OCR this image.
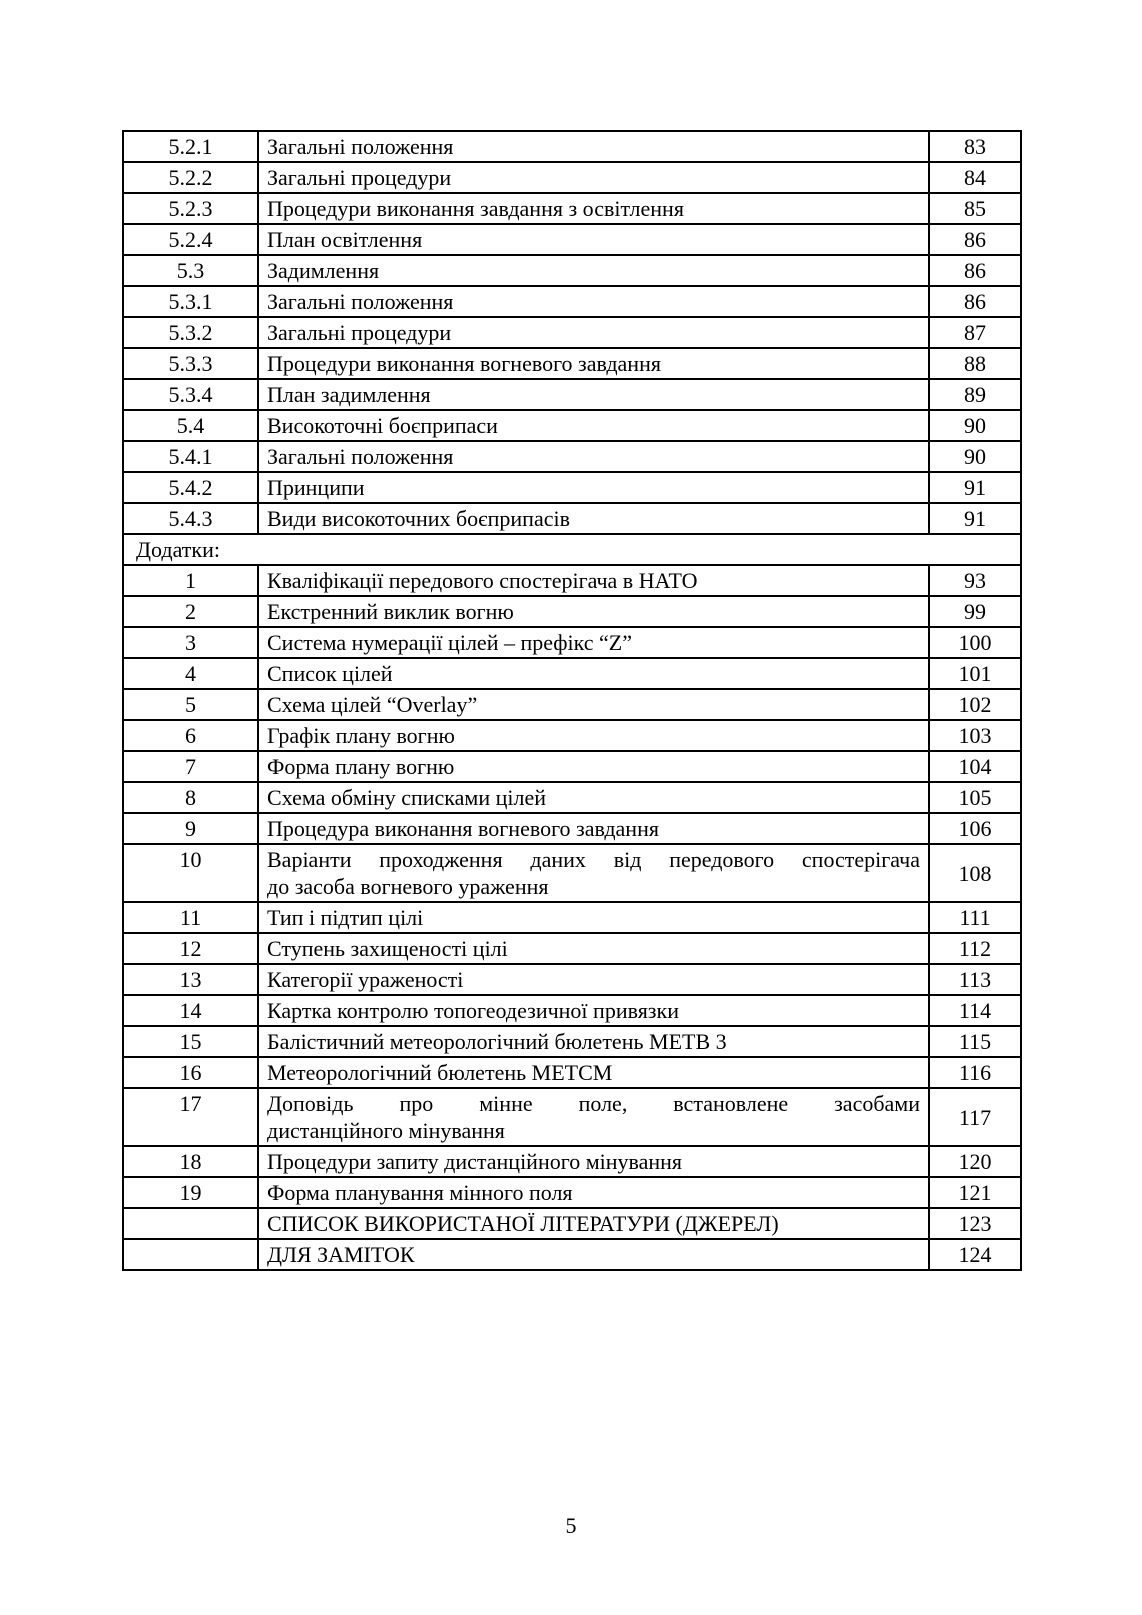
5.2.1	Загальні положення	83
5.2.2	Загальні процедури	84
5.2.3	Процедури виконання завдання з освітлення	85
5.2.4	План освітлення	86
5.3	Задимлення	86
5.3.1	Загальні положення	86
5.3.2	Загальні процедури	87
5.3.3	Процедури виконання вогневого завдання	88
5.3.4	План задимлення	89
5.4	Високоточні боєприпаси	90
5.4.1	Загальні положення	90
5.4.2	Принципи	91
5.4.3	Види високоточних боєприпасів	91
Додатки:		
1	Кваліфікації передового спостерігача в НАТО	93
2	Екстренний виклик вогню	99
3	Система нумерації цілей – префікс “Z”	100
4	Список цілей	101
5	Схема цілей “Overlay”	102
6	Графік плану вогню	103
7	Форма плану вогню	104
8	Схема обміну списками цілей	105
9	Процедура виконання вогневого завдання	106
10	Варіанти проходження даних від передового спостерігача
до засоба вогневого ураження	108
11	Тип і підтип цілі	111
12	Ступень захищеності цілі	112
13	Категорії ураженості	113
14	Картка контролю топогеодезичної привязки	114
15	Балістичний метеорологічний бюлетень МЕТВ 3	115
16	Метеорологічний бюлетень МЕТСМ	116
17	Доповідь про мінне поле, встановлене засобами
дистанційного мінування	117
18	Процедури запиту дистанційного мінування	120
19	Форма планування мінного поля	121
	СПИСОК ВИКОРИСТАНОЇ ЛІТЕРАТУРИ (ДЖЕРЕЛ)	123
	ДЛЯ ЗАМІТОК	124
5
